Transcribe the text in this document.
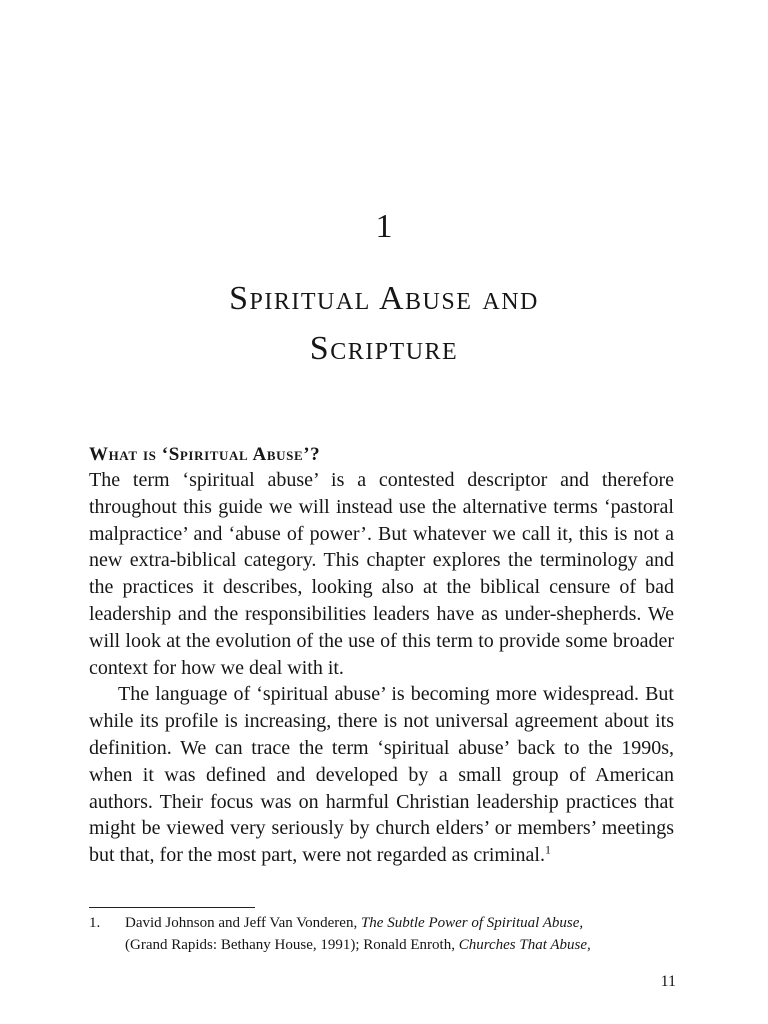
1
Spiritual Abuse and
Scripture
What is ‘Spiritual Abuse’?

The term ‘spiritual abuse’ is a contested descriptor and therefore throughout this guide we will instead use the alternative terms ‘pastoral malpractice’ and ‘abuse of power’. But whatever we call it, this is not a new extra-biblical category. This chapter explores the terminology and the practices it describes, looking also at the biblical censure of bad leadership and the responsibilities leaders have as under-shepherds. We will look at the evolution of the use of this term to provide some broader context for how we deal with it.

The language of ‘spiritual abuse’ is becoming more widespread. But while its profile is increasing, there is not universal agreement about its definition. We can trace the term ‘spiritual abuse’ back to the 1990s, when it was defined and developed by a small group of American authors. Their focus was on harmful Christian leadership practices that might be viewed very seriously by church elders’ or members’ meetings but that, for the most part, were not regarded as criminal.$^1$

1. David Johnson and Jeff Van Vonderen, The Subtle Power of Spiritual Abuse,
(Grand Rapids: Bethany House, 1991); Ronald Enroth, Churches That Abuse,
11
